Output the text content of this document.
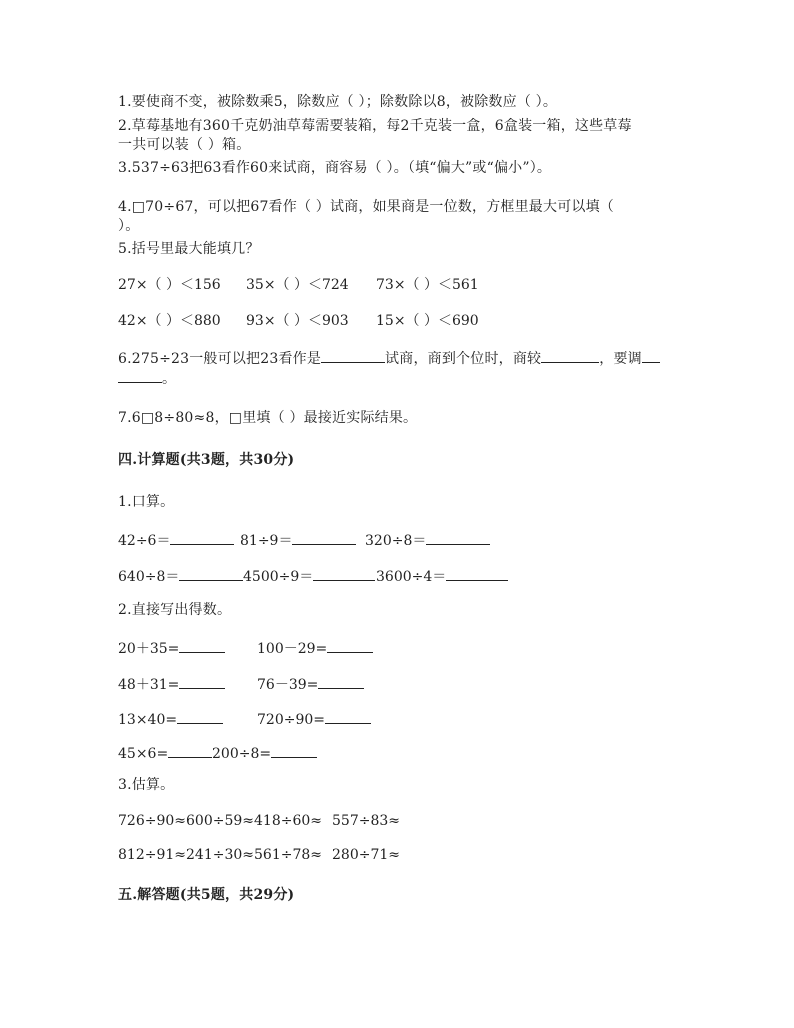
1.要使商不变，被除数乘5，除数应（ ）；除数除以8，被除数应（ ）。
2.草莓基地有360千克奶油草莓需要装箱，每2千克装一盒，6盒装一箱，这些草莓
一共可以装（ ）箱。
3.537÷63把63看作60来试商，商容易（ ）。（填“偏大”或“偏小”）。
4.□70÷67，可以把67看作（ ）试商，如果商是一位数，方框里最大可以填（
）。
5.括号里最大能填几？
27×（ ）＜156 35×（ ）＜724 73×（ ）＜561
42×（ ）＜880 93×（ ）＜903 15×（ ）＜690
6.275÷23一般可以把23看作是	试商，商到个位时，商较	，要调
。
7.6□8÷80≈8，□里填（ ）最接近实际结果。
四.计算题(共3题，共30分)
1.口算。
42÷6＝	81÷9＝	320÷8＝
640÷8＝	4500÷9＝	3600÷4＝
2.直接写出得数。
20＋35=	100－29=
48＋31=	76－39=
13×40=	720÷90=
45×6=	200÷8=
3.估算。
726÷90≈ 600÷59≈ 418÷60≈ 557÷83≈
812÷91≈ 241÷30≈ 561÷78≈ 280÷71≈
五.解答题(共5题，共29分)
